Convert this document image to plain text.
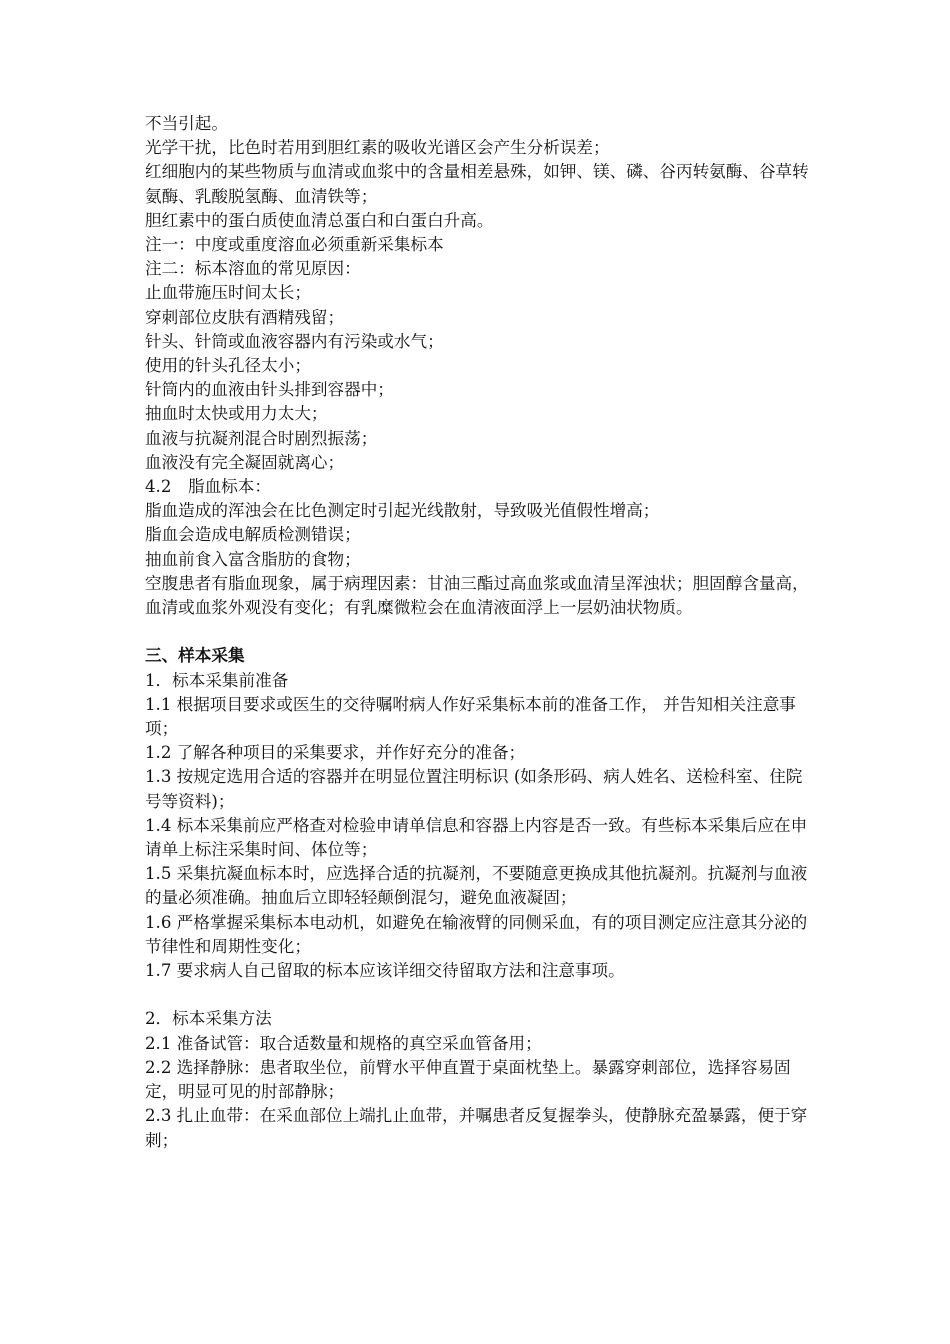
不当引起。

光学干扰，比色时若用到胆红素的吸收光谱区会产生分析误差；

红细胞内的某些物质与血清或血浆中的含量相差悬殊，如钾、镁、磷、谷丙转氨酶、谷草转氨酶、乳酸脱氢酶、血清铁等；

胆红素中的蛋白质使血清总蛋白和白蛋白升高。

注一：中度或重度溶血必须重新采集标本

注二：标本溶血的常见原因：

止血带施压时间太长；

穿刺部位皮肤有酒精残留；

针头、针筒或血液容器内有污染或水气；

使用的针头孔径太小；

针筒内的血液由针头排到容器中；

抽血时太快或用力太大；

血液与抗凝剂混合时剧烈振荡；

血液没有完全凝固就离心；

4.2　脂血标本：

脂血造成的浑浊会在比色测定时引起光线散射，导致吸光值假性增高；

脂血会造成电解质检测错误；

抽血前食入富含脂肪的食物；

空腹患者有脂血现象，属于病理因素：甘油三酯过高血浆或血清呈浑浊状；胆固醇含量高，血清或血浆外观没有变化；有乳糜微粒会在血清液面浮上一层奶油状物质。

三、样本采集

1．标本采集前准备

1.1 根据项目要求或医生的交待嘱咐病人作好采集标本前的准备工作， 并告知相关注意事项；

1.2 了解各种项目的采集要求，并作好充分的准备；

1.3 按规定选用合适的容器并在明显位置注明标识 (如条形码、病人姓名、送检科室、住院号等资料)；

1.4 标本采集前应严格查对检验申请单信息和容器上内容是否一致。有些标本采集后应在申请单上标注采集时间、体位等；

1.5 采集抗凝血标本时，应选择合适的抗凝剂，不要随意更换成其他抗凝剂。抗凝剂与血液的量必须准确。抽血后立即轻轻颠倒混匀，避免血液凝固；

1.6 严格掌握采集标本电动机，如避免在输液臂的同侧采血，有的项目测定应注意其分泌的节律性和周期性变化；

1.7 要求病人自己留取的标本应该详细交待留取方法和注意事项。

2．标本采集方法

2.1 准备试管：取合适数量和规格的真空采血管备用；

2.2 选择静脉：患者取坐位，前臂水平伸直置于桌面枕垫上。暴露穿刺部位，选择容易固定，明显可见的肘部静脉；

2.3 扎止血带：在采血部位上端扎止血带，并嘱患者反复握拳头，使静脉充盈暴露，便于穿刺；
